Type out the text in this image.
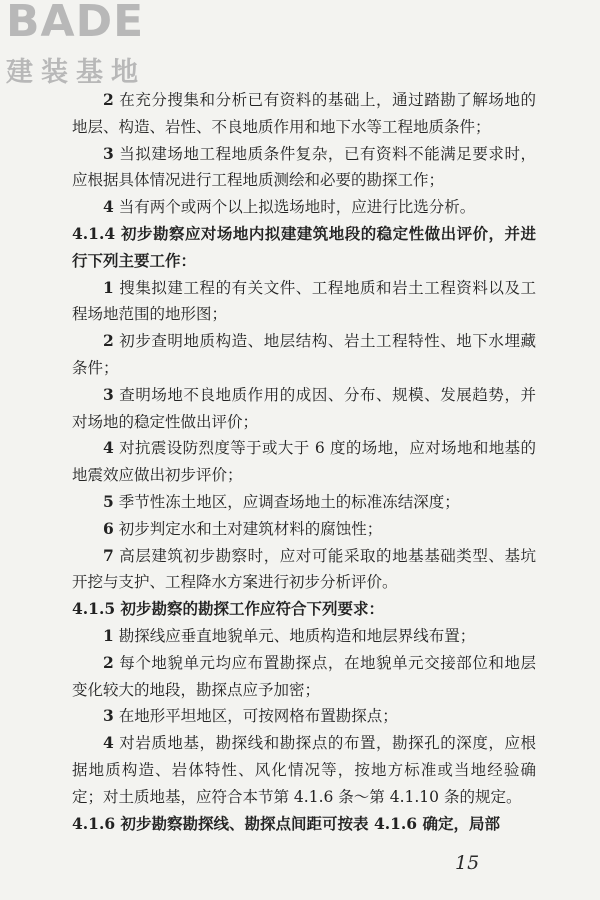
BADE
建装基地

2 在充分搜集和分析已有资料的基础上，通过踏勘了解场地的地层、构造、岩性、不良地质作用和地下水等工程地质条件；

3 当拟建场地工程地质条件复杂，已有资料不能满足要求时，应根据具体情况进行工程地质测绘和必要的勘探工作；

4 当有两个或两个以上拟选场地时，应进行比选分析。

4.1.4 初步勘察应对场地内拟建建筑地段的稳定性做出评价，并进行下列主要工作：

1 搜集拟建工程的有关文件、工程地质和岩土工程资料以及工程场地范围的地形图；

2 初步查明地质构造、地层结构、岩土工程特性、地下水埋藏条件；

3 查明场地不良地质作用的成因、分布、规模、发展趋势，并对场地的稳定性做出评价；

4 对抗震设防烈度等于或大于 6 度的场地，应对场地和地基的地震效应做出初步评价；

5 季节性冻土地区，应调查场地土的标准冻结深度；

6 初步判定水和土对建筑材料的腐蚀性；

7 高层建筑初步勘察时，应对可能采取的地基基础类型、基坑开挖与支护、工程降水方案进行初步分析评价。

4.1.5 初步勘察的勘探工作应符合下列要求：

1 勘探线应垂直地貌单元、地质构造和地层界线布置；

2 每个地貌单元均应布置勘探点，在地貌单元交接部位和地层变化较大的地段，勘探点应予加密；

3 在地形平坦地区，可按网格布置勘探点；

4 对岩质地基，勘探线和勘探点的布置，勘探孔的深度，应根据地质构造、岩体特性、风化情况等，按地方标准或当地经验确定；对土质地基，应符合本节第 4.1.6 条～第 4.1.10 条的规定。

4.1.6 初步勘察勘探线、勘探点间距可按表 4.1.6 确定，局部

15
